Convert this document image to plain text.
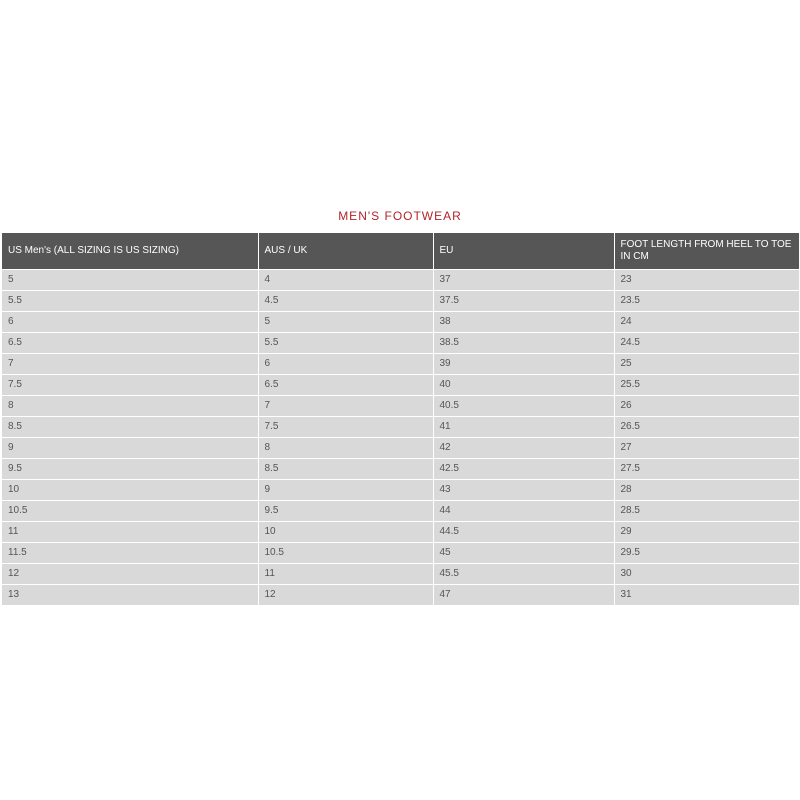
MEN'S FOOTWEAR
US Men's (ALL SIZING IS US SIZING)	AUS / UK	EU	FOOT LENGTH FROM HEEL TO TOE IN CM
5	4	37	23
5.5	4.5	37.5	23.5
6	5	38	24
6.5	5.5	38.5	24.5
7	6	39	25
7.5	6.5	40	25.5
8	7	40.5	26
8.5	7.5	41	26.5
9	8	42	27
9.5	8.5	42.5	27.5
10	9	43	28
10.5	9.5	44	28.5
11	10	44.5	29
11.5	10.5	45	29.5
12	11	45.5	30
13	12	47	31
